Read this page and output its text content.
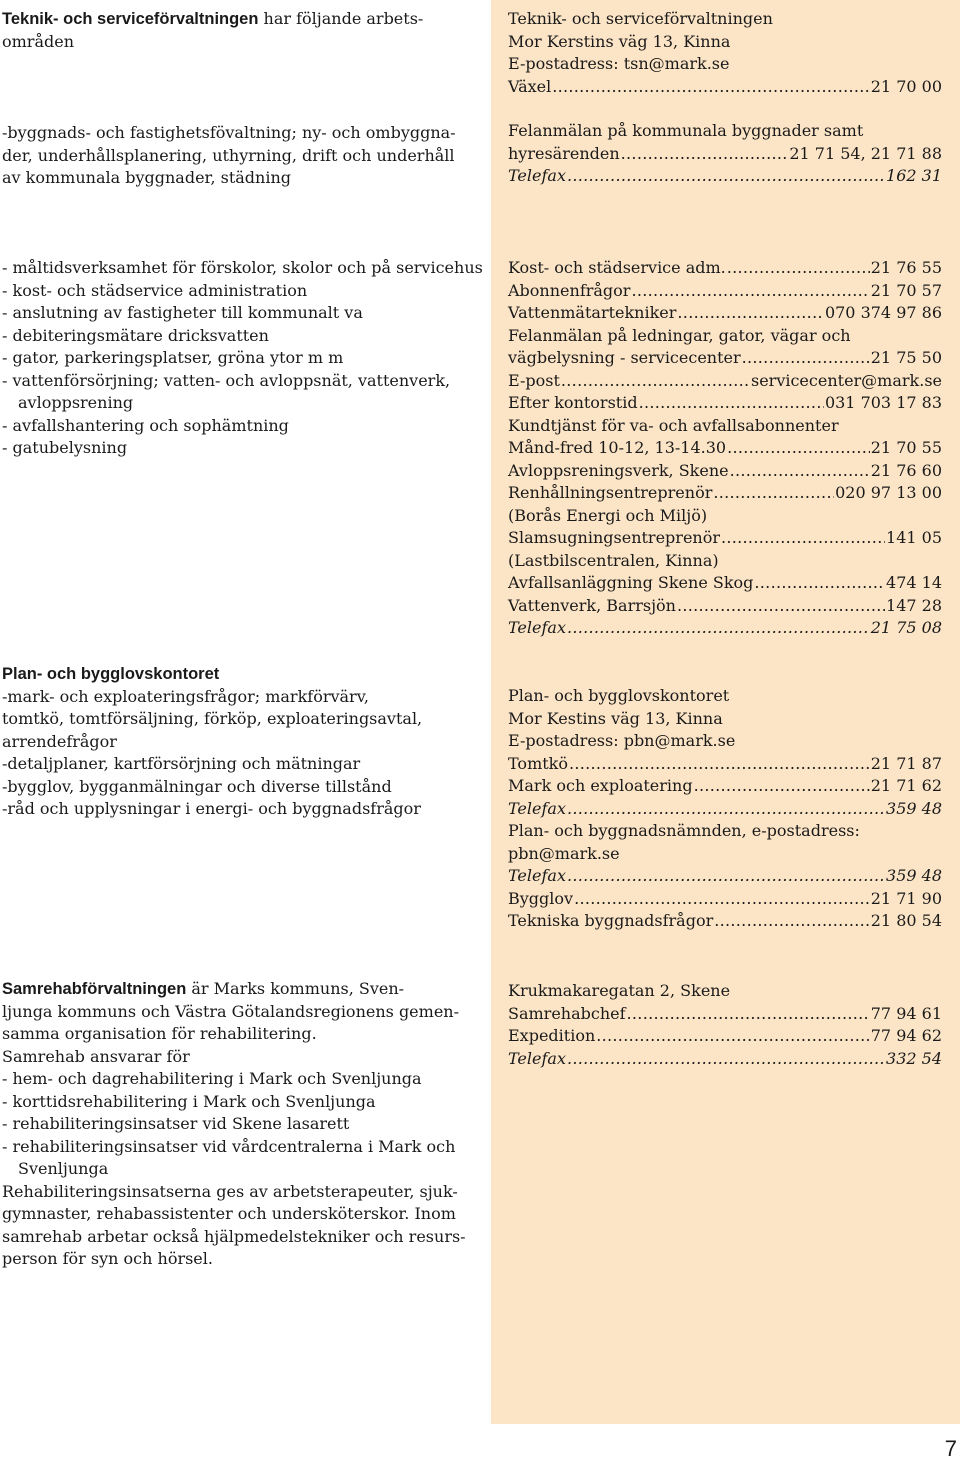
Teknik- och serviceförvaltningen har följande arbets-
områden
-byggnads- och fastighetsfövaltning; ny- och ombyggna-
der, underhållsplanering, uthyrning, drift och underhåll
av kommunala byggnader, städning
Teknik- och serviceförvaltningen
Mor Kerstins väg 13, Kinna
E-postadress: tsn@mark.se
Växel .....	21 70 00
Felanmälan på kommunala byggnader samt
hyresärenden .....	21 71 54, 21 71 88
Telefax .....	162 31
- måltidsverksamhet för förskolor, skolor och på servicehus
- kost- och städservice administration
- anslutning av fastigheter till kommunalt va
- debiteringsmätare dricksvatten
- gator, parkeringsplatser, gröna ytor m m
- vattenförsörjning; vatten- och avloppsnät, vattenverk,
avloppsrening
- avfallshantering och sophämtning
- gatubelysning
Kost- och städservice adm. .....	21 76 55
Abonnenfrågor .....	21 70 57
Vattenmätartekniker .....	070 374 97 86
Felanmälan på ledningar, gator, vägar och
vägbelysning - servicecenter .....	21 75 50
E-post .....	servicecenter@mark.se
Efter kontorstid .....	031 703 17 83
Kundtjänst för va- och avfallsabonnenter
Månd-fred 10-12, 13-14.30 .....	21 70 55
Avloppsreningsverk, Skene .....	21 76 60
Renhållningsentreprenör .....	020 97 13 00
(Borås Energi och Miljö)
Slamsugningsentreprenör .....	141 05
(Lastbilscentralen, Kinna)
Avfallsanläggning Skene Skog .....	474 14
Vattenverk, Barrsjön .....	147 28
Telefax .....	21 75 08
Plan- och bygglovskontoret
-mark- och exploateringsfrågor; markförvärv,
tomtkö, tomtförsäljning, förköp, exploateringsavtal,
arrendefrågor
-detaljplaner, kartförsörjning och mätningar
-bygglov, bygganmälningar och diverse tillstånd
-råd och upplysningar i energi- och byggnadsfrågor
Plan- och bygglovskontoret
Mor Kestins väg 13, Kinna
E-postadress: pbn@mark.se
Tomtkö .....	21 71 87
Mark och exploatering .....	21 71 62
Telefax .....	359 48
Plan- och byggnadsnämnden, e-postadress:
pbn@mark.se
Telefax .....	359 48
Bygglov .....	21 71 90
Tekniska byggnadsfrågor .....	21 80 54
Samrehabförvaltningen är Marks kommuns, Sven-
ljunga kommuns och Västra Götalandsregionens gemen-
samma organisation för rehabilitering.
Samrehab ansvarar för
- hem- och dagrehabilitering i Mark och Svenljunga
- korttidsrehabilitering i Mark och Svenljunga
- rehabiliteringsinsatser vid Skene lasarett
- rehabiliteringsinsatser vid vårdcentralerna i Mark och
Svenljunga
Rehabiliteringsinsatserna ges av arbetsterapeuter, sjuk-
gymnaster, rehabassistenter och undersköterskor. Inom
samrehab arbetar också hjälpmedelstekniker och resurs-
person för syn och hörsel.
Krukmakaregatan 2, Skene
Samrehabchef .....	77 94 61
Expedition .....	77 94 62
Telefax .....	332 54
7
